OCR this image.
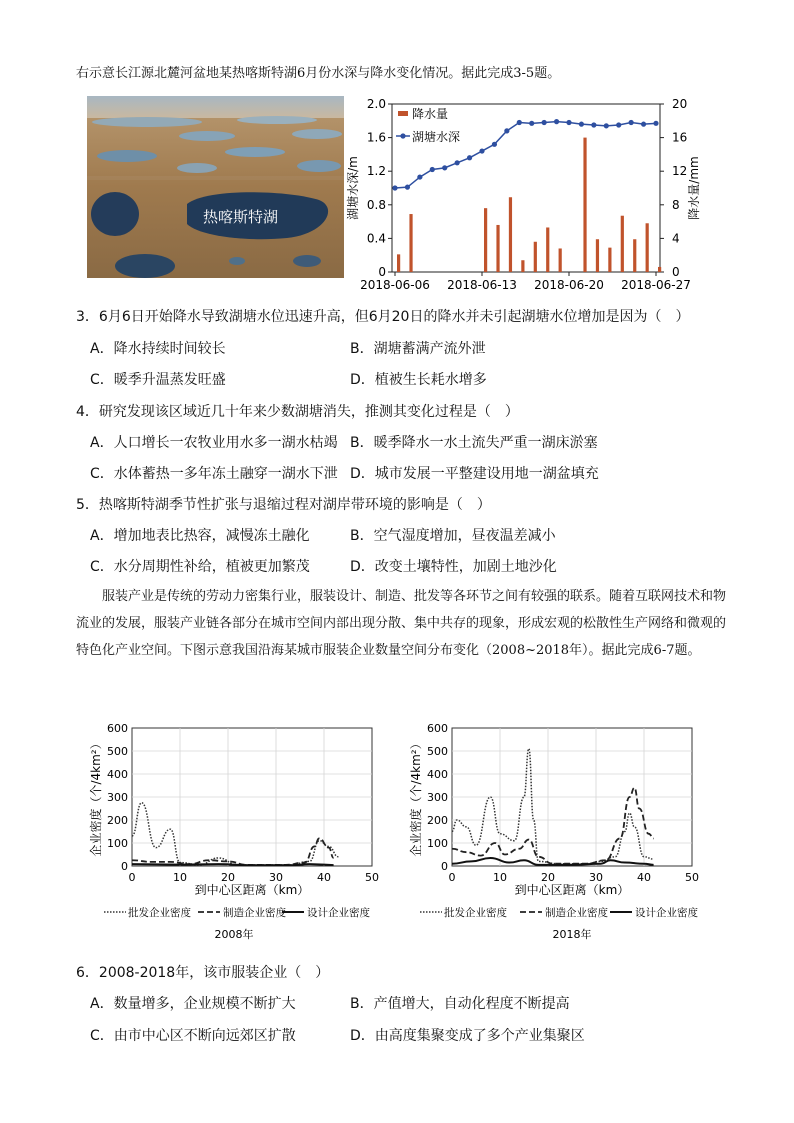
右示意长江源北麓河盆地某热喀斯特湖6月份水深与降水变化情况。据此完成3-5题。
热喀斯特湖
0
0.4
0.8
1.2
1.6
2.0
0
4
8
12
16
20
2018-06-06 2018-06-13 2018-06-20 2018-06-27
降水量
湖塘水深
湖塘水深/m	降水量/mm
3．6月6日开始降水导致湖塘水位迅速升高，但6月20日的降水并未引起湖塘水位增加是因为（　）
A．降水持续时间较长	B．湖塘蓄满产流外泄
C．暖季升温蒸发旺盛	D．植被生长耗水增多
4．研究发现该区域近几十年来少数湖塘消失，推测其变化过程是（　）
A．人口增长一农牧业用水多一湖水枯竭 B．暖季降水一水土流失严重一湖床淤塞
C．水体蓄热一多年冻土融穿一湖水下泄 D．城市发展一平整建设用地一湖盆填充
5．热喀斯特湖季节性扩张与退缩过程对湖岸带环境的影响是（　）
A．增加地表比热容，减慢冻土融化	B．空气湿度增加，昼夜温差减小
C．水分周期性补给，植被更加繁茂	D．改变土壤特性，加剧土地沙化
服装产业是传统的劳动力密集行业，服装设计、制造、批发等各环节之间有较强的联系。随着互联网技术和物流业的发展，服装产业链各部分在城市空间内部出现分散、集中共存的现象，形成宏观的松散性生产网络和微观的特色化产业空间。下图示意我国沿海某城市服装企业数量空间分布变化（2008~2018年）。据此完成6-7题。
0
100
200
300
400
500
600
0	10	20	30	40	50
企业密度（个/4km²）
到中心区距离（km）
批发企业密度	制造企业密度 设计企业密度
2008年
0
100
200
300
400
500
600
0	10	20	30	40	50
企业密度（个/4km²）
到中心区距离（km）
批发企业密度	制造企业密度	设计企业密度
2018年
6．2008-2018年，该市服装企业（　）
A．数量增多，企业规模不断扩大	B．产值增大，自动化程度不断提高
C．由市中心区不断向远郊区扩散	D．由高度集聚变成了多个产业集聚区
